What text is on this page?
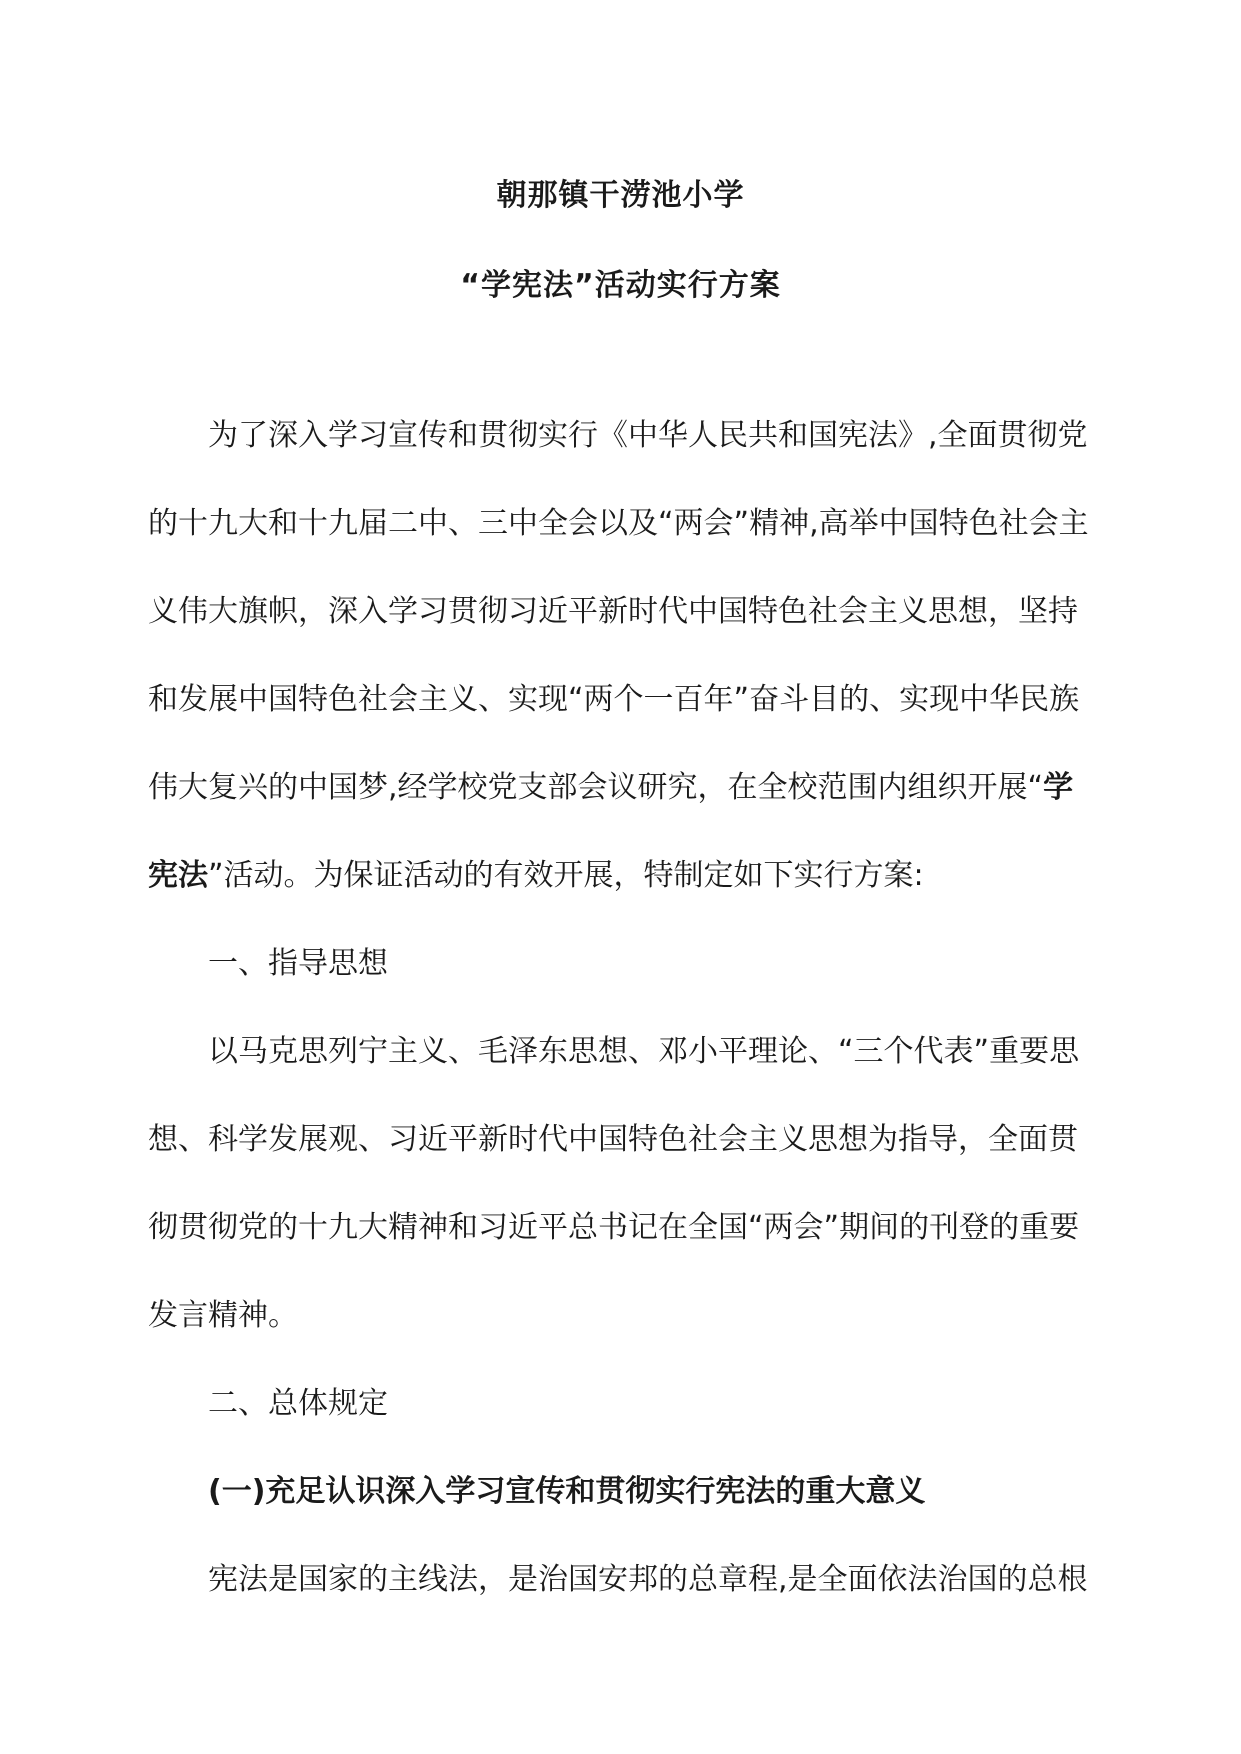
朝那镇干涝池小学
“学宪法”活动实行方案
为了深入学习宣传和贯彻实行《中华人民共和国宪法》,全面贯彻党
的十九大和十九届二中、三中全会以及“两会”精神,高举中国特色社会主
义伟大旗帜，深入学习贯彻习近平新时代中国特色社会主义思想，坚持
和发展中国特色社会主义、实现“两个一百年”奋斗目的、实现中华民族
伟大复兴的中国梦,经学校党支部会议研究，在全校范围内组织开展“学
宪法”活动。为保证活动的有效开展，特制定如下实行方案:
一、指导思想
以马克思列宁主义、毛泽东思想、邓小平理论、“三个代表”重要思
想、科学发展观、习近平新时代中国特色社会主义思想为指导，全面贯
彻贯彻党的十九大精神和习近平总书记在全国“两会”期间的刊登的重要
发言精神。
二、总体规定
(一)充足认识深入学习宣传和贯彻实行宪法的重大意义
宪法是国家的主线法，是治国安邦的总章程,是全面依法治国的总根
